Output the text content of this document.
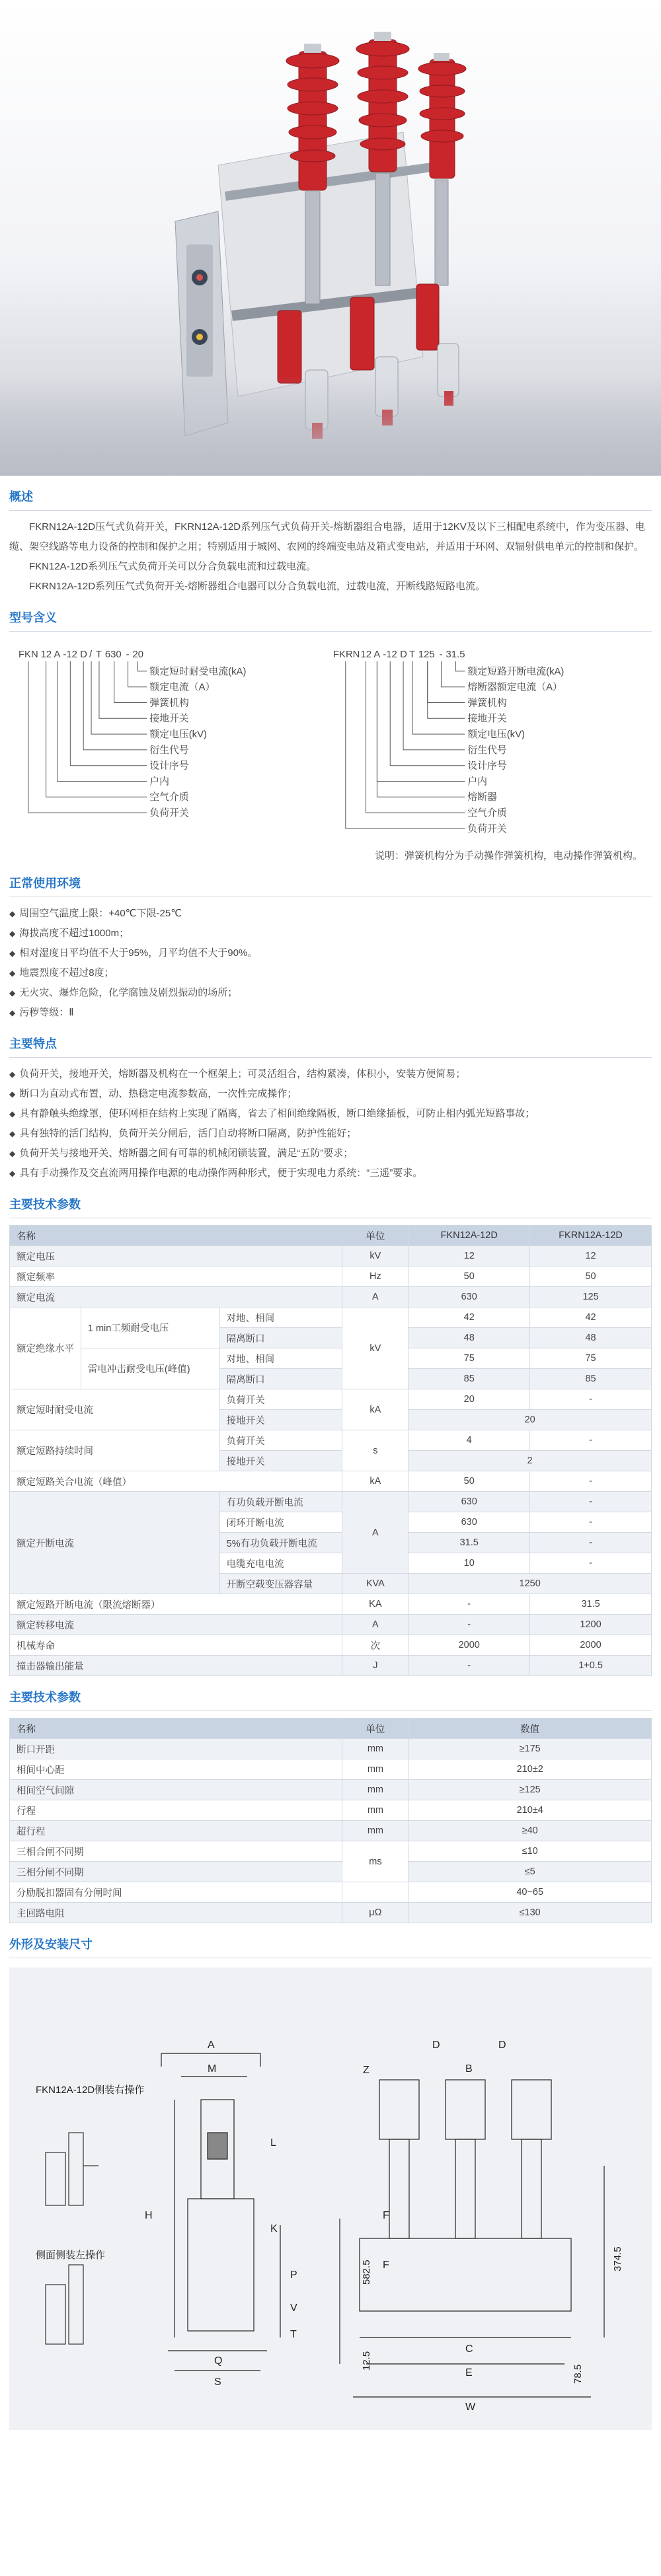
概述

FKRN12A-12D压气式负荷开关，FKRN12A-12D系列压气式负荷开关-熔断器组合电器，适用于12KV及以下三相配电系统中，作为变压器、电缆、架空线路等电力设备的控制和保护之用；特别适用于城网、农网的终端变电站及箱式变电站，并适用于环网、双辐射供电单元的控制和保护。

FKN12A-12D系列压气式负荷开关可以分合负载电流和过载电流。

FKRN12A-12D系列压气式负荷开关-熔断器组合电器可以分合负载电流，过载电流，开断线路短路电流。

型号含义
FKN 12 A -12 D / T 630 - 20
额定短时耐受电流(kA)
额定电流（A）
弹簧机构
接地开关
额定电压(kV)
衍生代号
设计序号
户内
空气介质
负荷开关
FKRN 12 A -12 D T 125 - 31.5
额定短路开断电流(kA)
熔断器额定电流（A）
弹簧机构
接地开关
额定电压(kV)
衍生代号
设计序号
户内
熔断器
空气介质
负荷开关
说明：弹簧机构分为手动操作弹簧机构，电动操作弹簧机构。
正常使用环境
◆ 周围空气温度上限：+40℃下限-25℃
◆ 海拔高度不超过1000m；
◆ 相对湿度日平均值不大于95%，月平均值不大于90%。
◆ 地震烈度不超过8度；
◆ 无火灾、爆炸危险，化学腐蚀及剧烈振动的场所；
◆ 污秽等级：Ⅱ
主要特点
◆ 负荷开关，接地开关，熔断器及机构在一个框架上；可灵活组合，结构紧凑，体积小，安装方便简易；
◆ 断口为直动式布置，动、热稳定电流参数高，一次性完成操作；
◆ 具有静触头绝缘罩，使环网柜在结构上实现了隔离，省去了相间绝缘隔板，断口绝缘插板，可防止相内弧光短路事故；
◆ 具有独特的活门结构，负荷开关分闸后，活门自动将断口隔离，防护性能好；
◆ 负荷开关与接地开关、熔断器之间有可靠的机械闭锁装置，满足“五防”要求；
◆ 具有手动操作及交直流两用操作电源的电动操作两种形式，便于实现电力系统：“三遥”要求。
主要技术参数
名称			单位	FKN12A-12D	FKRN12A-12D
额定电压			kV	12	12
额定频率			Hz	50	50
额定电流			A	630	125
额定绝缘水平	1 min工频耐受电压	对地、相间	kV	42	42
		隔离断口		48	48
	雷电冲击耐受电压(峰值)	对地、相间		75	75
		隔离断口		85	85
额定短时耐受电流		负荷开关	kA	20	-
		接地开关		20	
额定短路持续时间		负荷开关	s	4	-
		接地开关		2	
额定短路关合电流（峰值）			kA	50	-
额定开断电流		有功负载开断电流	A	630	-
		闭环开断电流		630	-
		5%有功负载开断电流		31.5	-
		电缆充电电流		10	-
		开断空载变压器容量	KVA	1250	
额定短路开断电流（限流熔断器）			KA	-	31.5
额定转移电流			A	-	1200
机械寿命			次	2000	2000
撞击器输出能量			J	-	1+0.5
主要技术参数
名称	单位	数值
断口开距	mm	≥175
相间中心距	mm	210±2
相间空气间隙	mm	≥125
行程	mm	210±4
超行程	mm	≥40
三相合闸不同期	ms	≤10
三相分闸不同期		≤5
分励脱扣器固有分闸时间		40~65
主回路电阻	μΩ	≤130
外形及安装尺寸
FKN12A-12D侧装右操作
侧面侧装左操作
A
M
L
H
K
P
V
T
Q
S
D	D
Z	B
F
F
C
E
W
582.5
374.5
12.5
78.5
